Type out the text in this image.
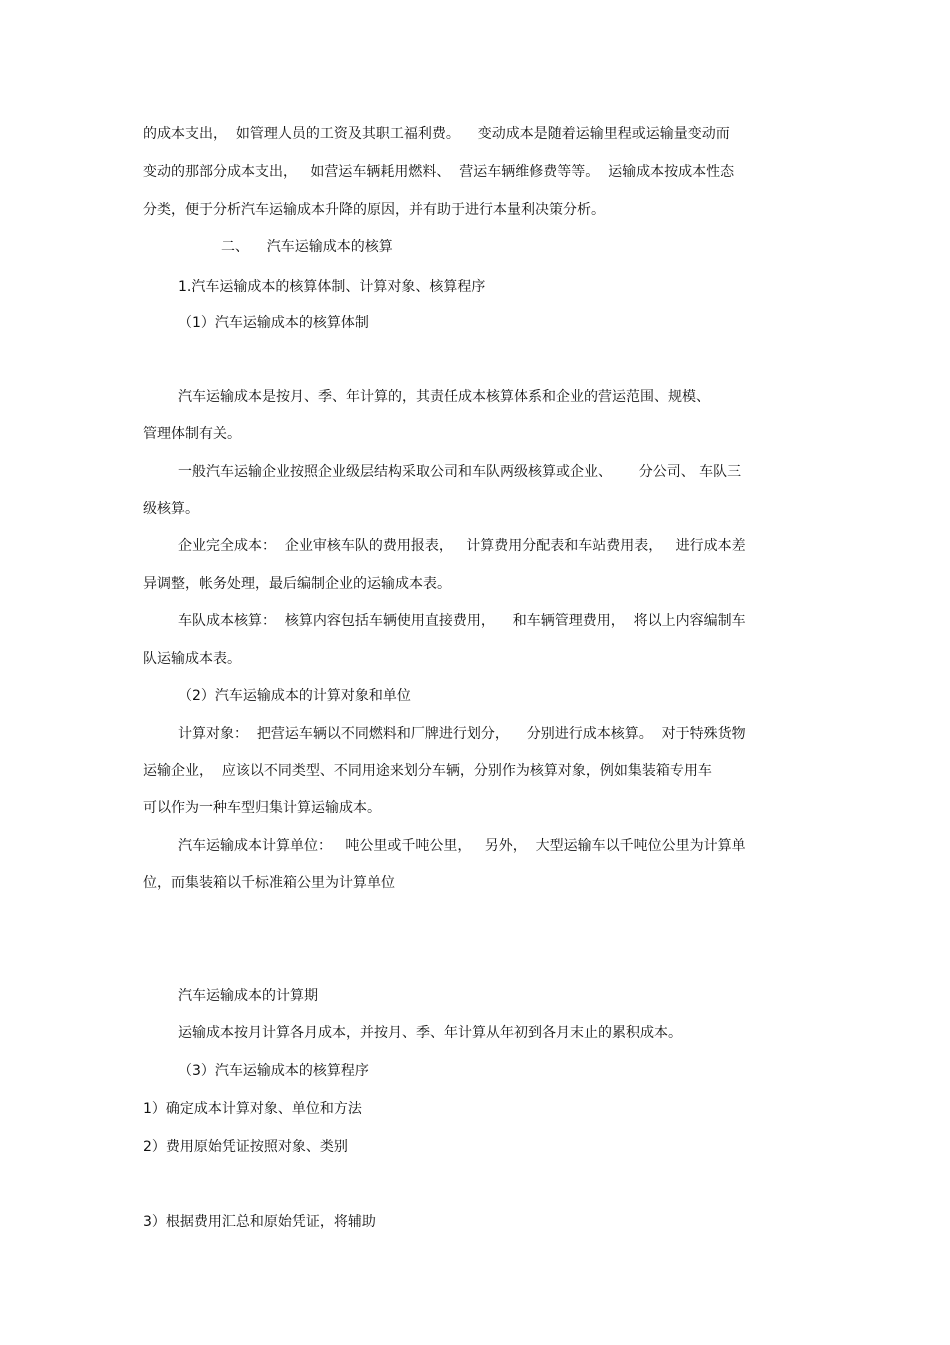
的成本支出，  如管理人员的工资及其职工福利费。    变动成本是随着运输里程或运输量变动而
变动的那部分成本支出，   如营运车辆耗用燃料、  营运车辆维修费等等。  运输成本按成本性态
分类，便于分析汽车运输成本升降的原因，并有助于进行本量利决策分析。
二、    汽车运输成本的核算
1.汽车运输成本的核算体制、计算对象、核算程序
（1）汽车运输成本的核算体制
汽车运输成本是按月、季、年计算的，其责任成本核算体系和企业的营运范围、规模、
管理体制有关。
一般汽车运输企业按照企业级层结构采取公司和车队两级核算或企业、      分公司、 车队三
级核算。
企业完全成本：  企业审核车队的费用报表，   计算费用分配表和车站费用表，   进行成本差
异调整，帐务处理，最后编制企业的运输成本表。
车队成本核算：  核算内容包括车辆使用直接费用，    和车辆管理费用，  将以上内容编制车
队运输成本表。
（2）汽车运输成本的计算对象和单位
计算对象：  把营运车辆以不同燃料和厂牌进行划分，    分别进行成本核算。  对于特殊货物
运输企业，  应该以不同类型、不同用途来划分车辆，分别作为核算对象，例如集装箱专用车
可以作为一种车型归集计算运输成本。
汽车运输成本计算单位：   吨公里或千吨公里，   另外，  大型运输车以千吨位公里为计算单
位，而集装箱以千标准箱公里为计算单位
汽车运输成本的计算期
运输成本按月计算各月成本，并按月、季、年计算从年初到各月末止的累积成本。
（3）汽车运输成本的核算程序
1）确定成本计算对象、单位和方法
2）费用原始凭证按照对象、类别
3）根据费用汇总和原始凭证，将辅助
